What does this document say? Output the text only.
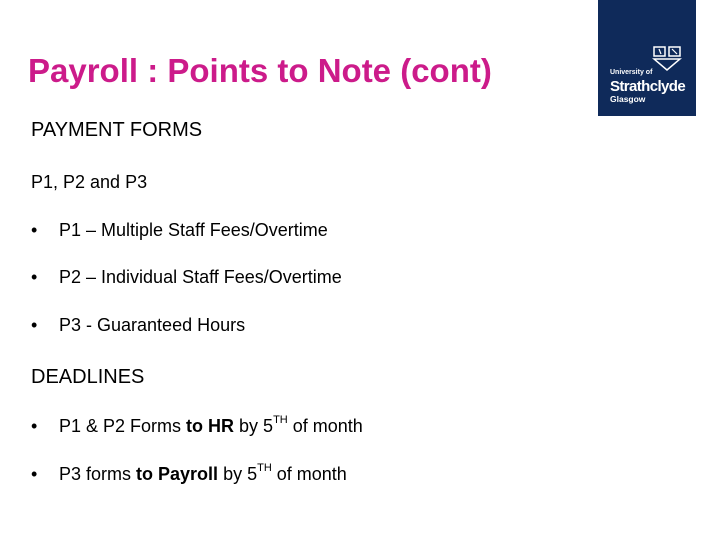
Payroll : Points to Note (cont)	University of
Strathclyde
Glasgow
PAYMENT FORMS
P1, P2 and P3
• P1 – Multiple Staff Fees/Overtime
• P2 – Individual Staff Fees/Overtime
• P3 - Guaranteed Hours
DEADLINES
• P1 & P2 Forms to HR by 5TH of month
• P3 forms to Payroll by 5TH of month
